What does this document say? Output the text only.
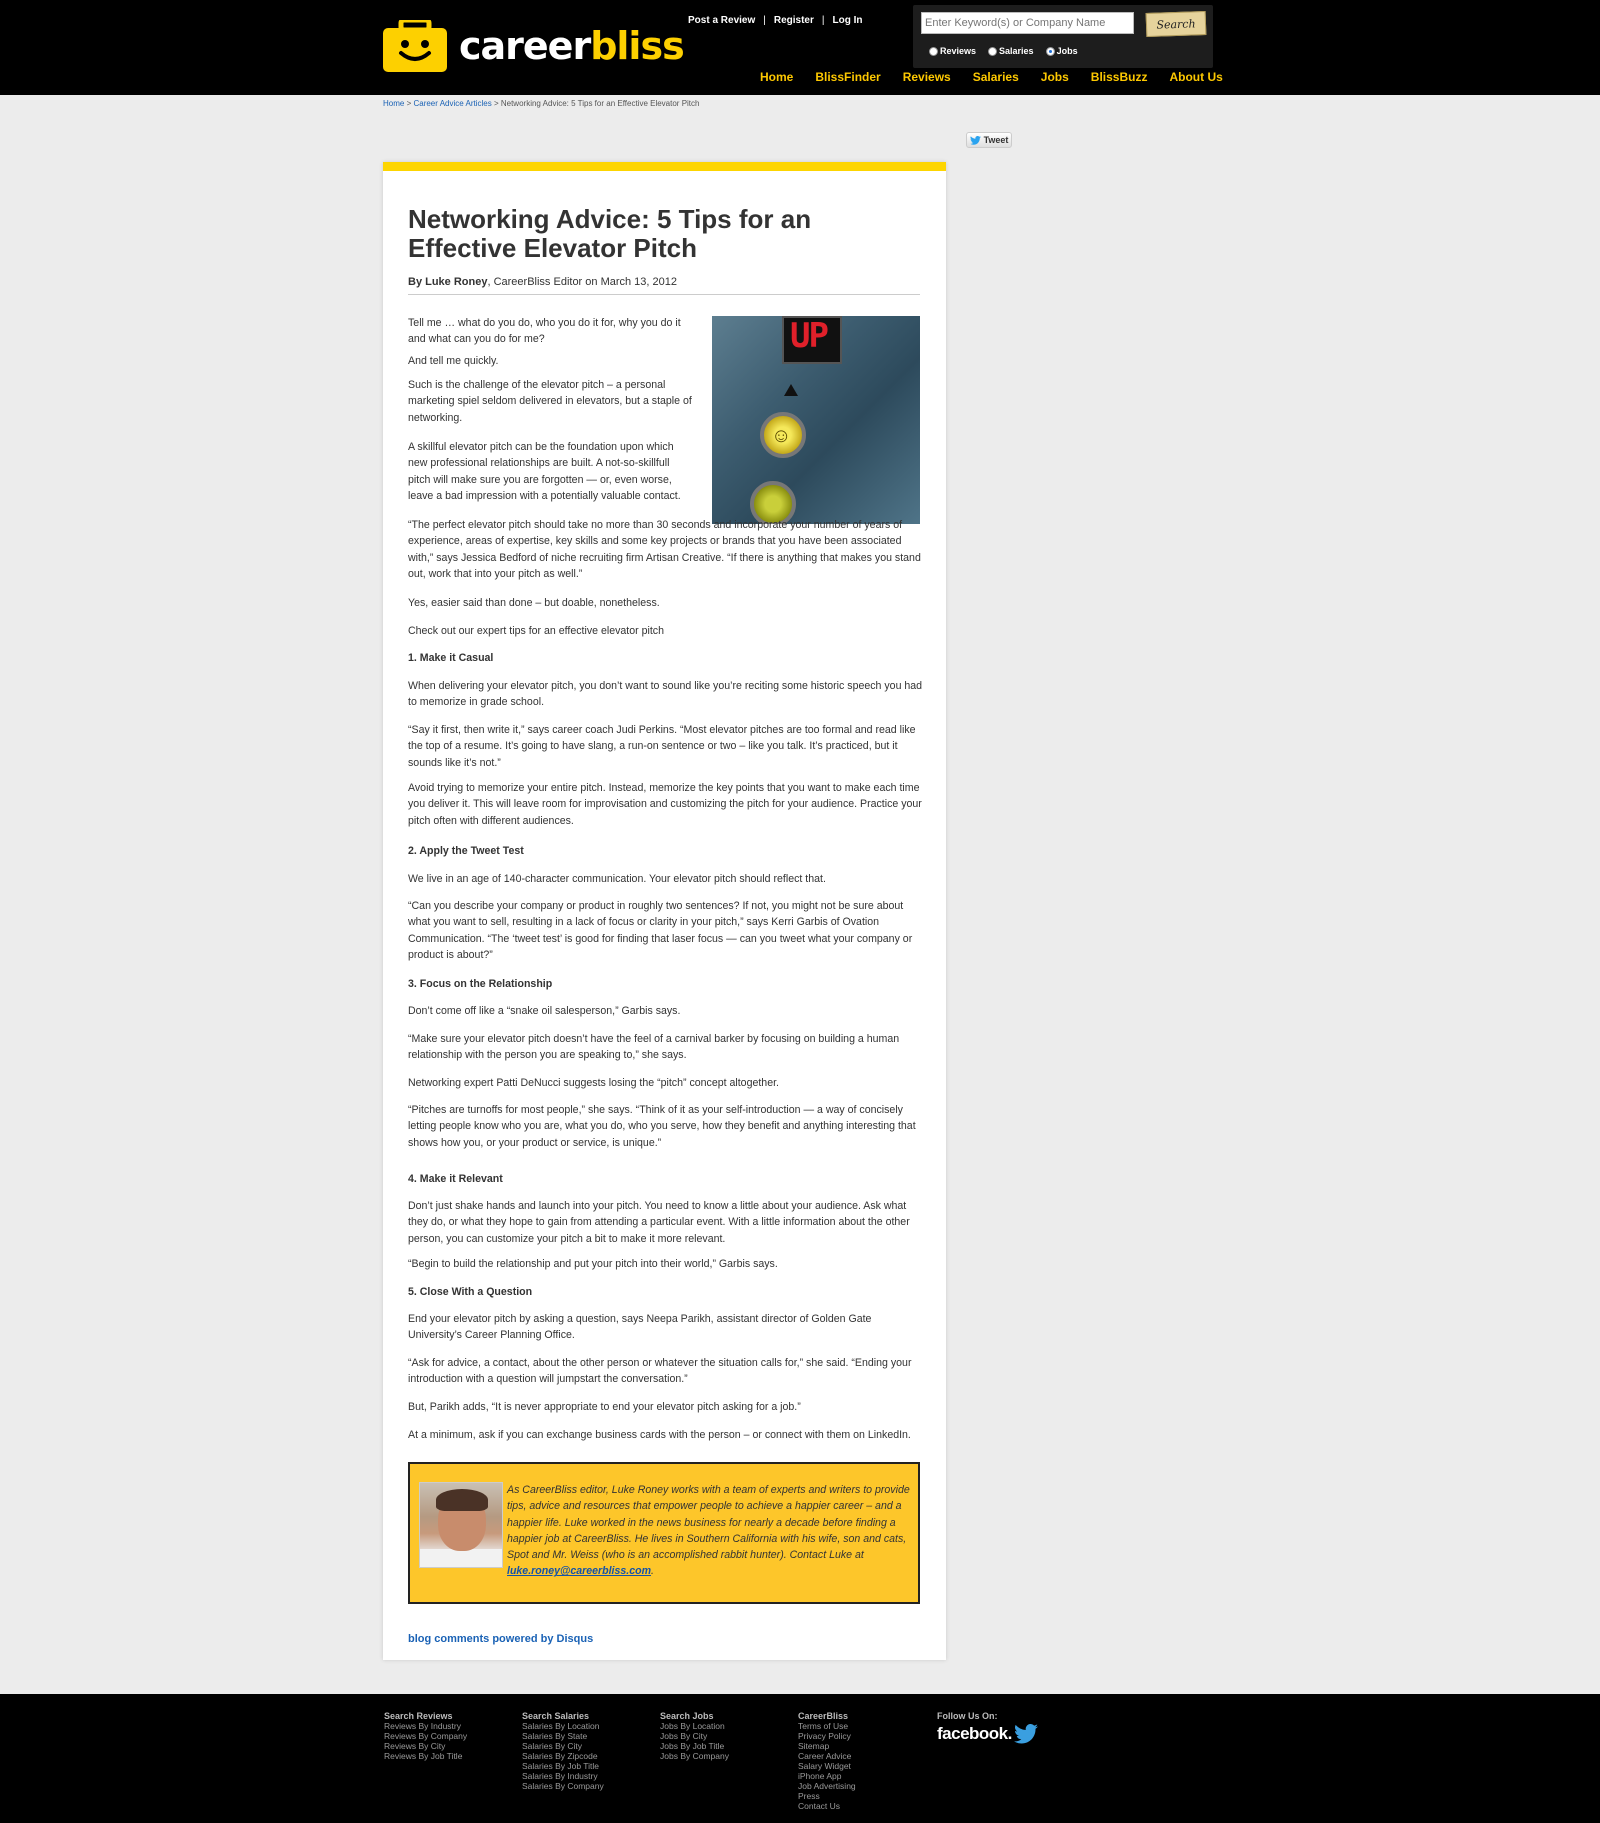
careerbliss
Post a Review | Register | Log In
Enter Keyword(s) or Company Name	Search
Reviews	Salaries	Jobs
Home BlissFinder Reviews Salaries Jobs BlissBuzz About Us
Home > Career Advice Articles > Networking Advice: 5 Tips for an Effective Elevator Pitch
Tweet
Networking Advice: 5 Tips for an Effective Elevator Pitch
By Luke Roney, CareerBliss Editor on March 13, 2012
UP
☺

Tell me … what do you do, who you do it for, why you do it and what can you do for me?

And tell me quickly.

Such is the challenge of the elevator pitch – a personal marketing spiel seldom delivered in elevators, but a staple of networking.

A skillful elevator pitch can be the foundation upon which new professional relationships are built. A not-so-skillfull pitch will make sure you are forgotten — or, even worse, leave a bad impression with a potentially valuable contact.

“The perfect elevator pitch should take no more than 30 seconds and incorporate your number of years of experience, areas of expertise, key skills and some key projects or brands that you have been associated with,” says Jessica Bedford of niche recruiting firm Artisan Creative. “If there is anything that makes you stand out, work that into your pitch as well.”

Yes, easier said than done – but doable, nonetheless.

Check out our expert tips for an effective elevator pitch

1. Make it Casual

When delivering your elevator pitch, you don’t want to sound like you’re reciting some historic speech you had to memorize in grade school.

“Say it first, then write it,” says career coach Judi Perkins. “Most elevator pitches are too formal and read like the top of a resume. It’s going to have slang, a run-on sentence or two – like you talk. It’s practiced, but it sounds like it’s not.”

Avoid trying to memorize your entire pitch. Instead, memorize the key points that you want to make each time you deliver it. This will leave room for improvisation and customizing the pitch for your audience. Practice your pitch often with different audiences.

2. Apply the Tweet Test

We live in an age of 140-character communication. Your elevator pitch should reflect that.

“Can you describe your company or product in roughly two sentences? If not, you might not be sure about what you want to sell, resulting in a lack of focus or clarity in your pitch,” says Kerri Garbis of Ovation Communication. “The ‘tweet test’ is good for finding that laser focus — can you tweet what your company or product is about?”

3. Focus on the Relationship

Don’t come off like a “snake oil salesperson,” Garbis says.

“Make sure your elevator pitch doesn’t have the feel of a carnival barker by focusing on building a human relationship with the person you are speaking to,” she says.

Networking expert Patti DeNucci suggests losing the “pitch” concept altogether.

“Pitches are turnoffs for most people,” she says. “Think of it as your self-introduction — a way of concisely letting people know who you are, what you do, who you serve, how they benefit and anything interesting that shows how you, or your product or service, is unique.”

4. Make it Relevant

Don’t just shake hands and launch into your pitch. You need to know a little about your audience. Ask what they do, or what they hope to gain from attending a particular event. With a little information about the other person, you can customize your pitch a bit to make it more relevant.

“Begin to build the relationship and put your pitch into their world,” Garbis says.

5. Close With a Question

End your elevator pitch by asking a question, says Neepa Parikh, assistant director of Golden Gate University’s Career Planning Office.

“Ask for advice, a contact, about the other person or whatever the situation calls for,” she said. “Ending your introduction with a question will jumpstart the conversation.”

But, Parikh adds, “It is never appropriate to end your elevator pitch asking for a job.”

At a minimum, ask if you can exchange business cards with the person – or connect with them on LinkedIn.

As CareerBliss editor, Luke Roney works with a team of experts and writers to provide tips, advice and resources that empower people to achieve a happier career – and a happier life. Luke worked in the news business for nearly a decade before finding a happier job at CareerBliss. He lives in Southern California with his wife, son and cats, Spot and Mr. Weiss (who is an accomplished rabbit hunter). Contact Luke at luke.roney@careerbliss.com.

blog comments powered by Disqus
Search Reviews
Reviews By Industry
Reviews By Company
Reviews By City
Reviews By Job Title
Search Salaries
Salaries By Location
Salaries By State
Salaries By City
Salaries By Zipcode
Salaries By Job Title
Salaries By Industry
Salaries By Company
Search Jobs
Jobs By Location
Jobs By City
Jobs By Job Title
Jobs By Company
CareerBliss
Terms of Use
Privacy Policy
Sitemap
Career Advice
Salary Widget
iPhone App
Job Advertising
Press
Contact Us
Follow Us On:
facebook.
